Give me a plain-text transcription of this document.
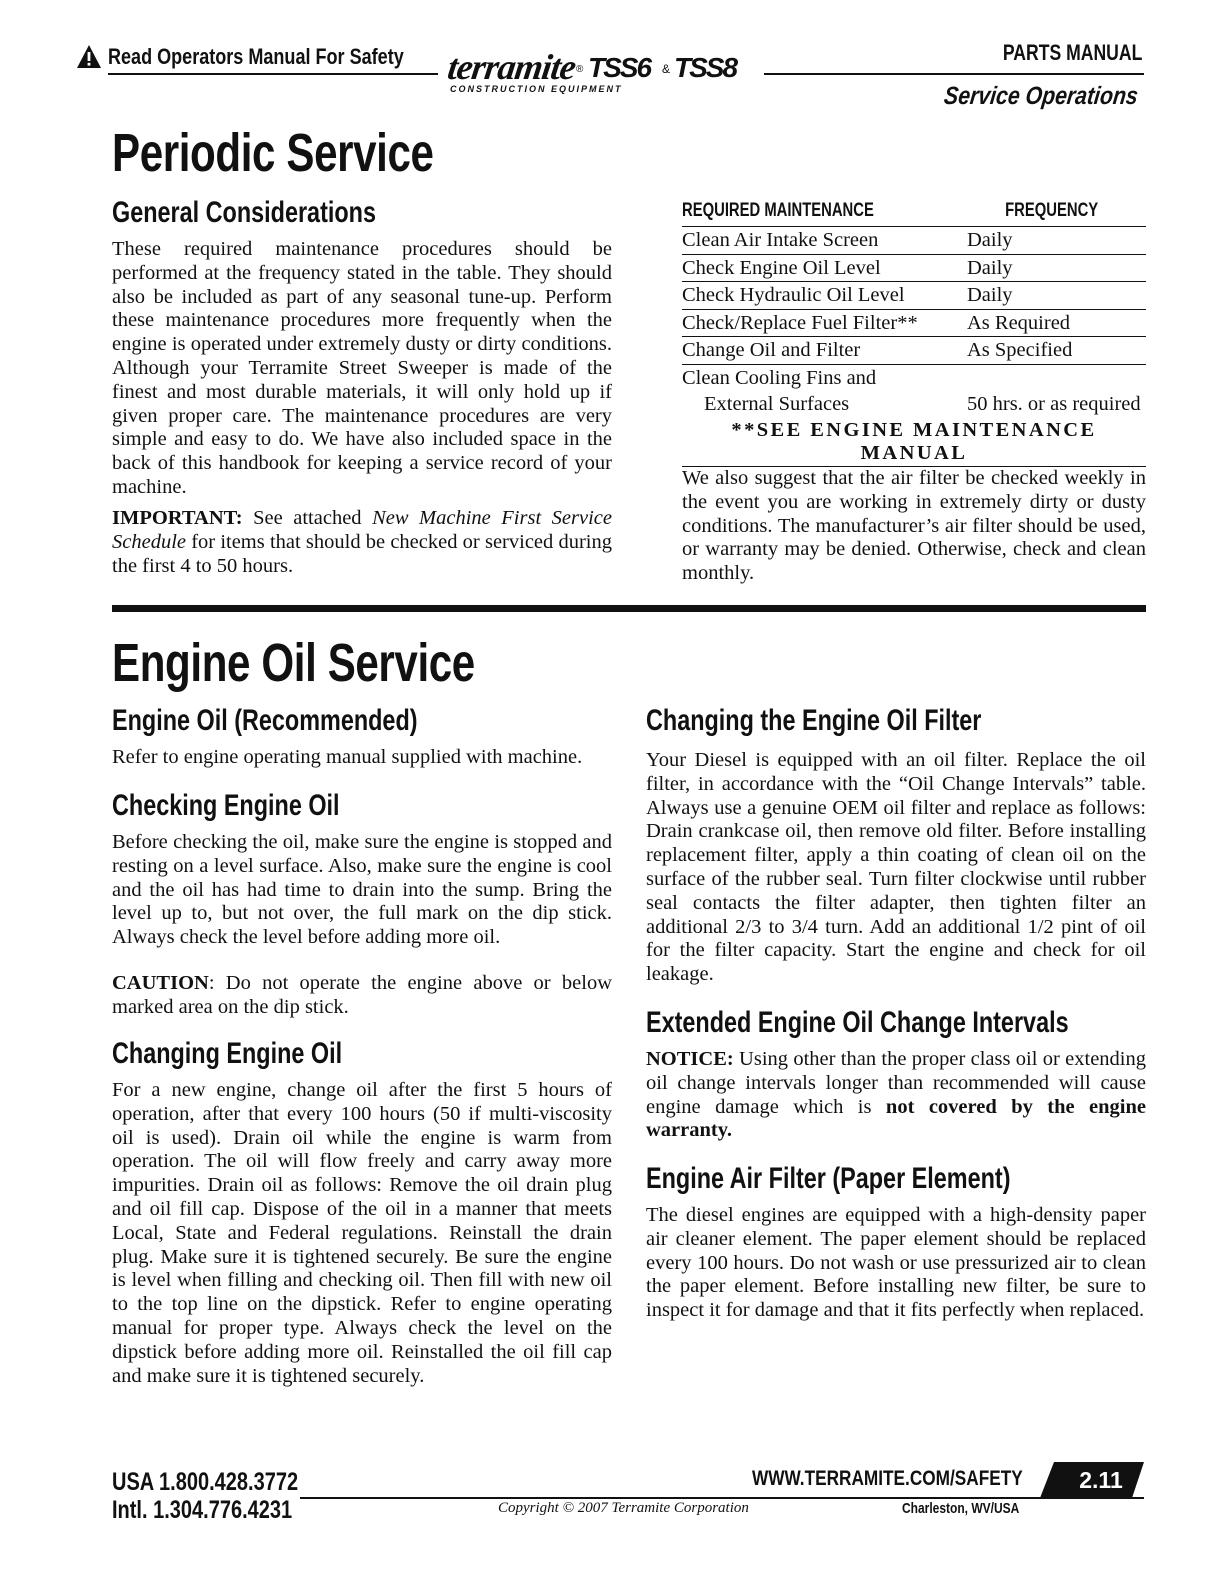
Read Operators Manual For Safety terramite
®
CONSTRUCTION EQUIPMENT
TSS6 & TSS8	PARTS MANUAL
Service Operations
Periodic Service
General Considerations

These required maintenance procedures should be performed at the frequency stated in the table. They should also be included as part of any seasonal tune-up. Perform these maintenance procedures more frequently when the engine is operated under extremely dusty or dirty conditions. Although your Terramite Street Sweeper is made of the finest and most durable materials, it will only hold up if given proper care. The maintenance procedures are very simple and easy to do. We have also included space in the back of this handbook for keeping a service record of your machine.

IMPORTANT: See attached New Machine First Service Schedule for items that should be checked or serviced during the first 4 to 50 hours.

REQUIRED MAINTENANCE	FREQUENCY
Clean Air Intake Screen	Daily
Check Engine Oil Level	Daily
Check Hydraulic Oil Level	Daily
Check/Replace Fuel Filter**	As Required
Change Oil and Filter	As Specified
Clean Cooling Fins and
External Surfaces	50 hrs. or as required
**SEE ENGINE MAINTENANCE MANUAL

We also suggest that the air filter be checked weekly in the event you are working in extremely dirty or dusty conditions. The manufacturer’s air filter should be used, or warranty may be denied. Otherwise, check and clean monthly.

Engine Oil Service
Engine Oil (Recommended)

Refer to engine operating manual supplied with machine.

Checking Engine Oil

Before checking the oil, make sure the engine is stopped and resting on a level surface. Also, make sure the engine is cool and the oil has had time to drain into the sump. Bring the level up to, but not over, the full mark on the dip stick. Always check the level before adding more oil.

CAUTION: Do not operate the engine above or below marked area on the dip stick.

Changing Engine Oil

For a new engine, change oil after the first 5 hours of operation, after that every 100 hours (50 if multi-viscosity oil is used). Drain oil while the engine is warm from operation. The oil will flow freely and carry away more impurities. Drain oil as follows: Remove the oil drain plug and oil fill cap. Dispose of the oil in a manner that meets Local, State and Federal regulations. Reinstall the drain plug. Make sure it is tightened securely. Be sure the engine is level when filling and checking oil. Then fill with new oil to the top line on the dipstick. Refer to engine operating manual for proper type. Always check the level on the dipstick before adding more oil. Reinstalled the oil fill cap and make sure it is tightened securely.

Changing the Engine Oil Filter

Your Diesel is equipped with an oil filter. Replace the oil filter, in accordance with the “Oil Change Intervals” table. Always use a genuine OEM oil filter and replace as follows: Drain crankcase oil, then remove old filter. Before installing replacement filter, apply a thin coating of clean oil on the surface of the rubber seal. Turn filter clockwise until rubber seal contacts the filter adapter, then tighten filter an additional 2/3 to 3/4 turn. Add an additional 1/2 pint of oil for the filter capacity. Start the engine and check for oil leakage.

Extended Engine Oil Change Intervals

NOTICE: Using other than the proper class oil or extending oil change intervals longer than recommended will cause engine damage which is not covered by the engine warranty.

Engine Air Filter (Paper Element)

The diesel engines are equipped with a high-density paper air cleaner element. The paper element should be replaced every 100 hours. Do not wash or use pressurized air to clean the paper element. Before installing new filter, be sure to inspect it for damage and that it fits perfectly when replaced.

USA 1.800.428.3772
Intl. 1.304.776.4231
WWW.TERRAMITE.COM/SAFETY	2.11
Copyright © 2007 Terramite Corporation	Charleston, WV/USA
